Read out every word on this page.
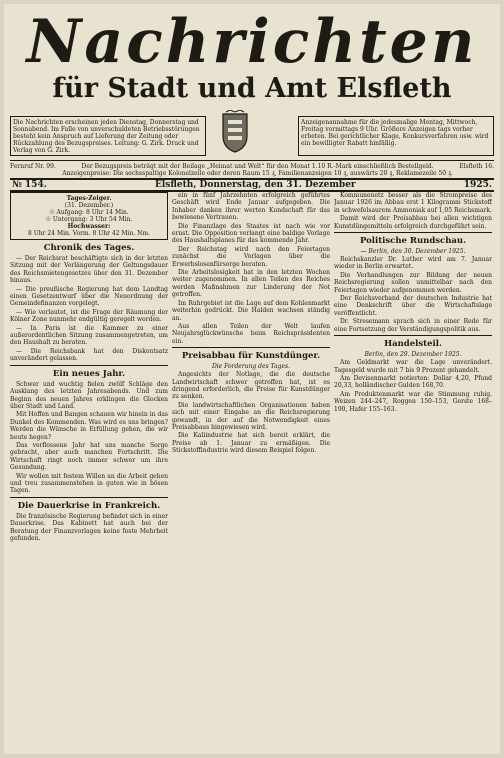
Nachrichten
für Stadt und Amt Elsfleth
Die Nachrichten erscheinen jeden Dienstag, Donnerstag und Sonnabend. Im Falle von unverschuldeten Betriebsstörungen besteht kein Anspruch auf Lieferung der Zeitung oder Rückzahlung des Bezugspreises. Leitung: G. Zirk. Druck und Verlag von G. Zirk.
Anzeigenannahme für die jedesmalige Montag, Mittwoch, Freitag vormittags 9 Uhr. Größere Anzeigen tags vorher erbeten. Bei gerichtlicher Klage, Konkursverfahren usw. wird ein bewilligter Rabatt hinfällig.
Fernruf Nr. 99.	Der Bezugspreis beträgt mit der Beilage „Heimat und Welt“ für den Monat 1.10 R.-Mark einschließlich Bestellgeld. Anzeigenpreise: Die sechsspaltige Kolonelzeile oder deren Raum 15 ₰, Familienanzeigen 10 ₰, auswärts 20 ₰, Reklamezeile 50 ₰.
Elsfleth 16.
№ 154.	Elsfleth, Donnerstag, den 31. Dezember	1925.
Tages-Zeiger.
(31. Dezember.)
☉ Aufgang: 8 Uhr 14 Min.
☉ Untergang: 3 Uhr 54 Min.
Hochwasser:
8 Uhr 24 Min. Vorm. 8 Uhr 42 Min. Nm.
Chronik des Tages.

— Der Reichsrat beschäftigte sich in der letzten Sitzung mit der Verlängerung der Geltungsdauer des Reichsmietengesetzes über den 31. Dezember hinaus.

— Die preußische Regierung hat dem Landtag einen Gesetzentwurf über die Neuordnung der Gemeindefinanzen vorgelegt.

— Wie verlautet, ist die Frage der Räumung der Kölner Zone nunmehr endgültig geregelt worden.

— In Paris ist die Kammer zu einer außerordentlichen Sitzung zusammengetreten, um den Haushalt zu beraten.

— Die Reichsbank hat den Diskontsatz unverändert gelassen.

Ein neues Jahr.

Schwer und wuchtig fielen zwölf Schläge den Ausklang des letzten Jahresabends. Und zum Beginn des neuen Jahres erklingen die Glocken über Stadt und Land.

Mit Hoffen und Bangen schauen wir hinein in das Dunkel des Kommenden. Was wird es uns bringen? Werden die Wünsche in Erfüllung gehen, die wir heute hegen?

Das verflossene Jahr hat uns manche Sorge gebracht, aber auch manchen Fortschritt. Die Wirtschaft ringt noch immer schwer um ihre Gesundung.

Wir wollen mit festem Willen an die Arbeit gehen und treu zusammenstehen in guten wie in bösen Tagen.

Die Dauerkrise in Frankreich.

Die französische Regierung befindet sich in einer Dauerkrise. Das Kabinett hat auch bei der Beratung der Finanzvorlagen keine feste Mehrheit gefunden.

ein in fünf Jahrzehnten erfolgreich geführtes Geschäft wird Ende Januar aufgegeben. Die Inhaber danken ihrer werten Kundschaft für das bewiesene Vertrauen.

Die Finanzlage des Staates ist nach wie vor ernst. Die Opposition verlangt eine baldige Vorlage des Haushaltsplanes für das kommende Jahr.

Der Reichstag wird nach den Feiertagen zunächst die Vorlagen über die Erwerbslosenfürsorge beraten.

Die Arbeitslosigkeit hat in den letzten Wochen weiter zugenommen. In allen Teilen des Reiches werden Maßnahmen zur Linderung der Not getroffen.

Im Ruhrgebiet ist die Lage auf dem Kohlenmarkt weiterhin gedrückt. Die Halden wachsen ständig an.

Aus allen Teilen der Welt laufen Neujahrsglückwünsche beim Reichspräsidenten ein.

Preisabbau für Kunstdünger.
Die Forderung des Tages.

Angesichts der Notlage, die die deutsche Landwirtschaft schwer getroffen hat, ist es dringend erforderlich, die Preise für Kunstdünger zu senken.

Die landwirtschaftlichen Organisationen haben sich mit einer Eingabe an die Reichsregierung gewandt, in der auf die Notwendigkeit eines Preisabbaus hingewiesen wird.

Die Kaliindustrie hat sich bereit erklärt, die Preise ab 1. Januar zu ermäßigen. Die Stickstoffindustrie wird diesem Beispiel folgen.

Kommunenetz besser als die Strompreise des Januar 1926 im Abbau erst 1 Kilogramm Stickstoff in schwefelsaurem Ammoniak auf 1,05 Reichsmark.

Damit wird der Preisabbau bei allen wichtigen Kunstdüngemitteln erfolgreich durchgeführt sein.

Politische Rundschau.
— Berlin, den 30. Dezember 1925.

Reichskanzler Dr. Luther wird am 7. Januar wieder in Berlin erwartet.

Die Verhandlungen zur Bildung der neuen Reichsregierung sollen unmittelbar nach den Feiertagen wieder aufgenommen werden.

Der Reichsverband der deutschen Industrie hat eine Denkschrift über die Wirtschaftslage veröffentlicht.

Dr. Stresemann sprach sich in einer Rede für eine Fortsetzung der Verständigungspolitik aus.

Handelsteil.
Berlin, den 29. Dezember 1925.

Am Geldmarkt war die Lage unverändert. Tagesgeld wurde mit 7 bis 9 Prozent gehandelt.

Am Devisenmarkt notierten: Dollar 4,20, Pfund 20,33, holländischer Gulden 168,70.

Am Produktenmarkt war die Stimmung ruhig. Weizen 244–247, Roggen 150–153, Gerste 168–190, Hafer 155–163.
